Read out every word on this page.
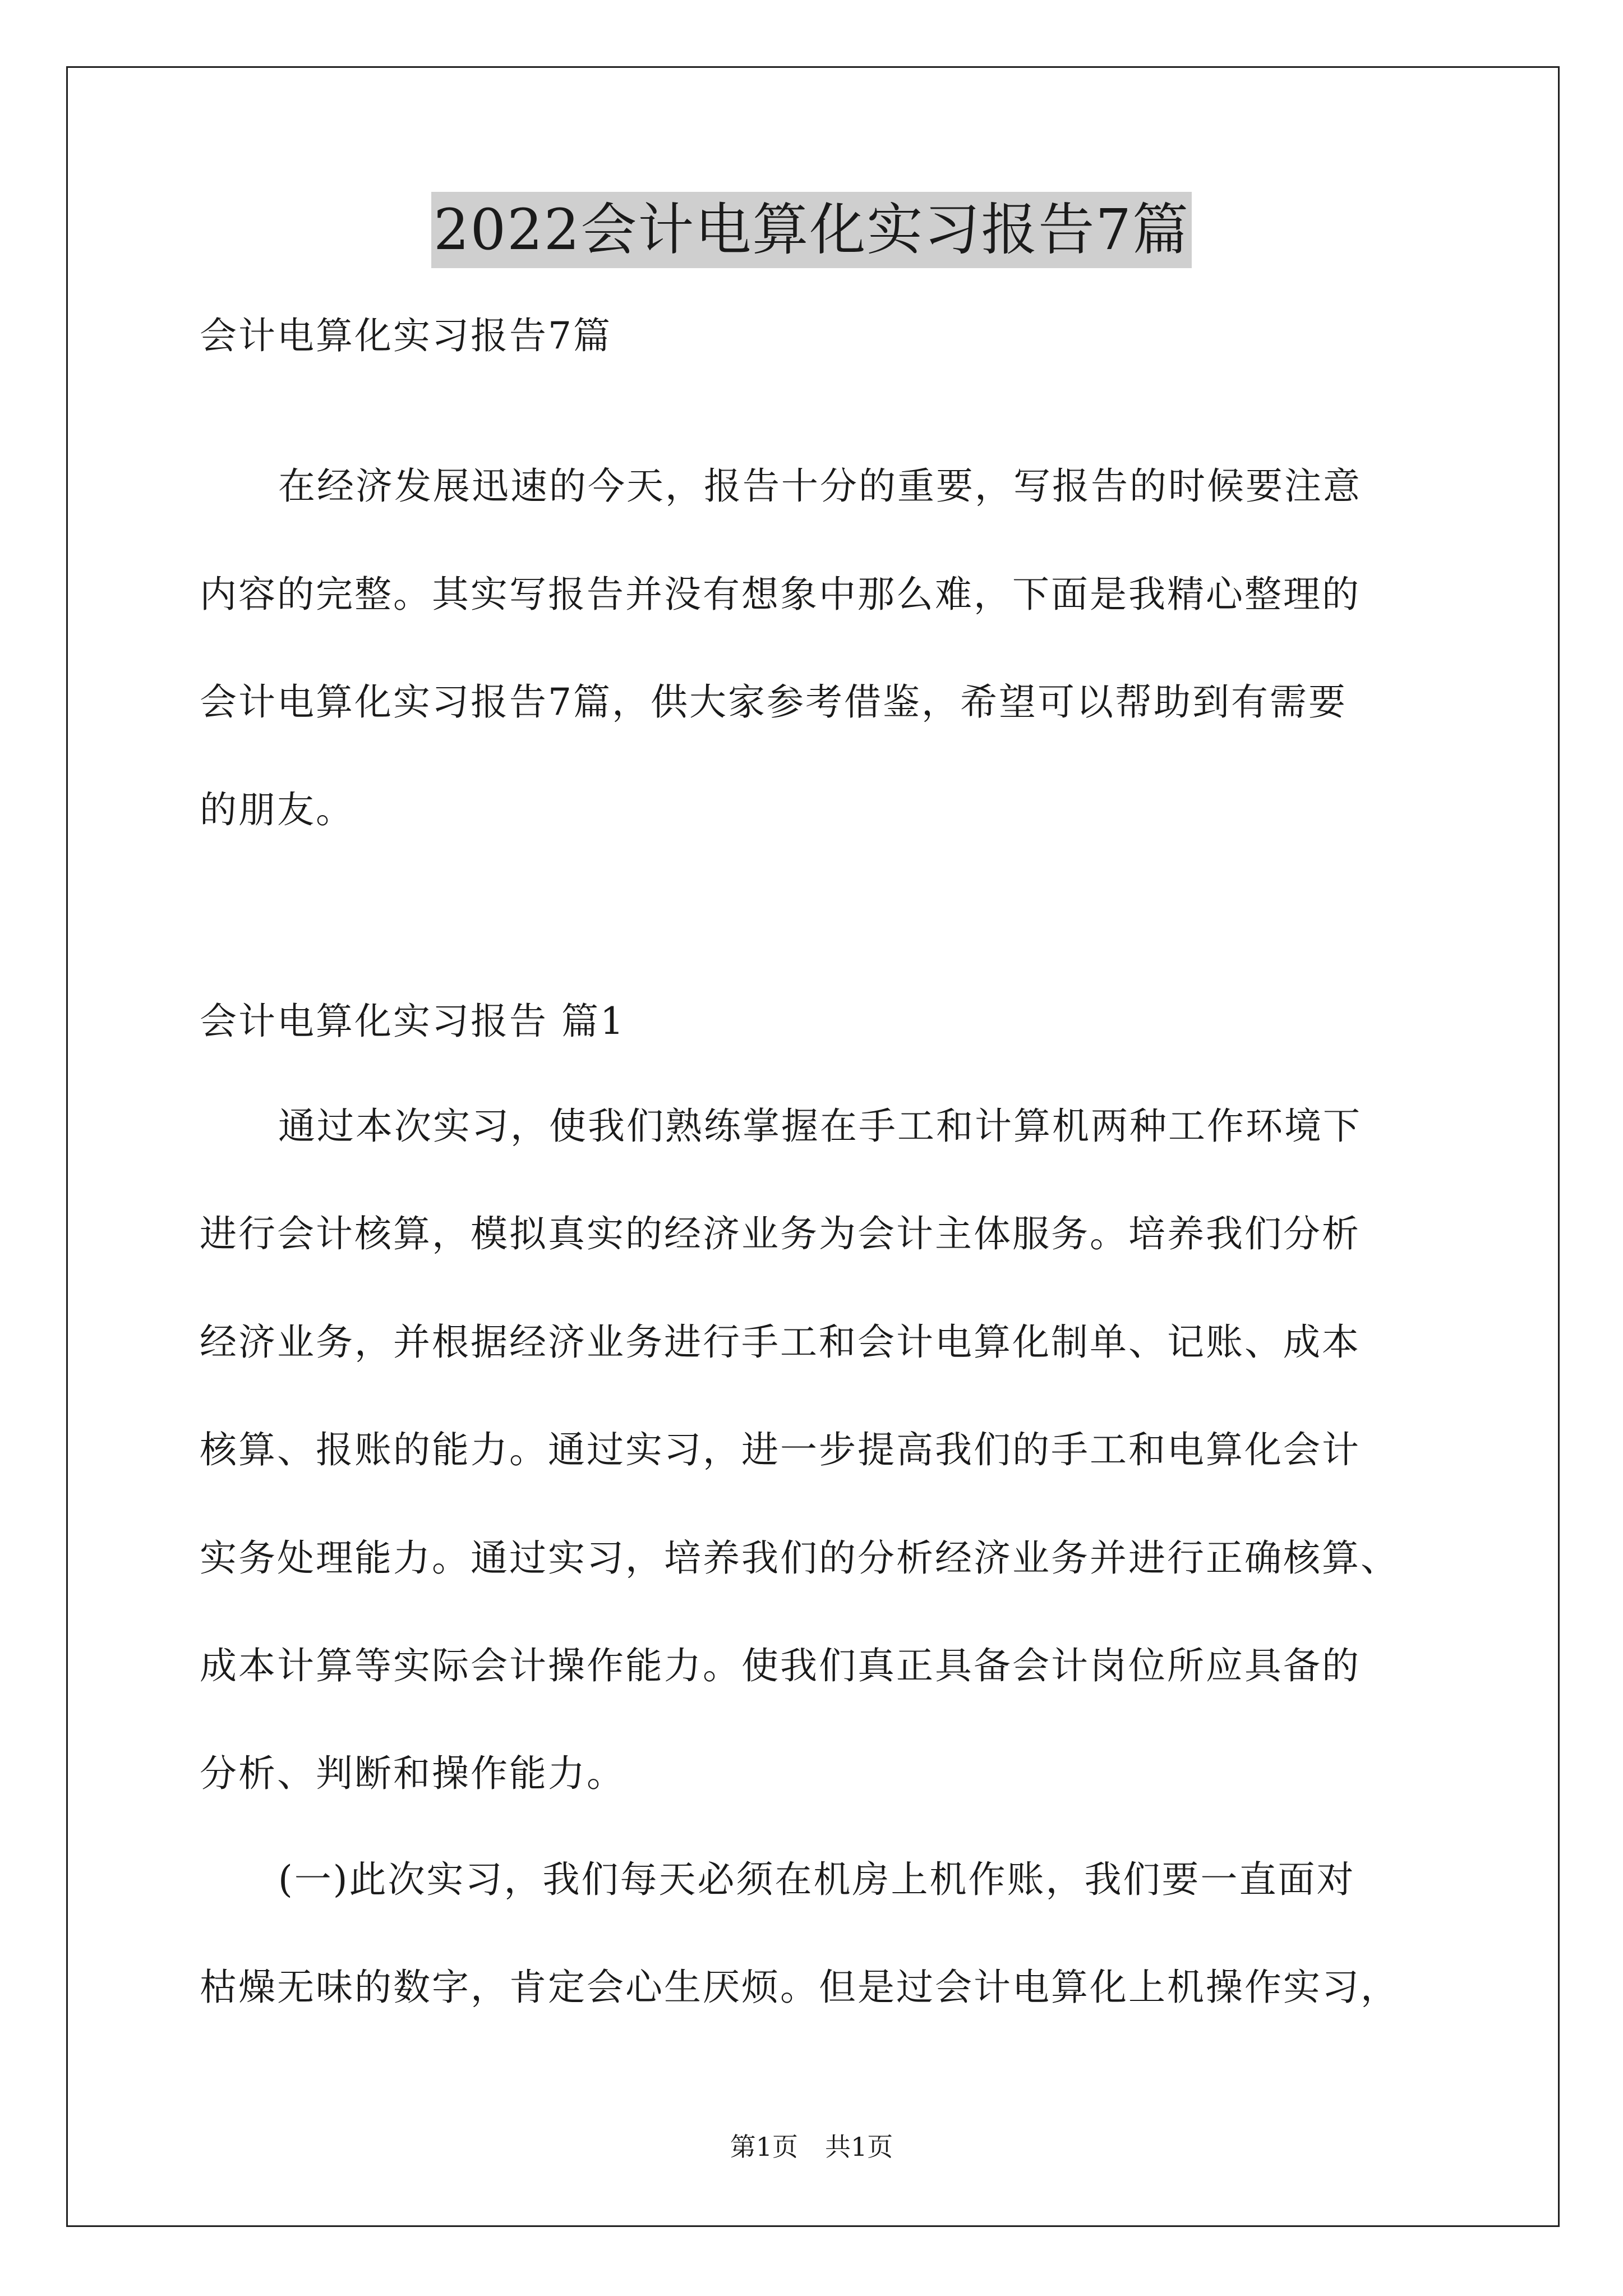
2022会计电算化实习报告7篇
会计电算化实习报告7篇
在经济发展迅速的今天，报告十分的重要，写报告的时候要注意
内容的完整。其实写报告并没有想象中那么难，下面是我精心整理的
会计电算化实习报告7篇，供大家参考借鉴，希望可以帮助到有需要
的朋友。
会计电算化实习报告 篇1
通过本次实习，使我们熟练掌握在手工和计算机两种工作环境下
进行会计核算，模拟真实的经济业务为会计主体服务。培养我们分析
经济业务，并根据经济业务进行手工和会计电算化制单、记账、成本
核算、报账的能力。通过实习，进一步提高我们的手工和电算化会计
实务处理能力。通过实习，培养我们的分析经济业务并进行正确核算、
成本计算等实际会计操作能力。使我们真正具备会计岗位所应具备的
分析、判断和操作能力。
(一)此次实习，我们每天必须在机房上机作账，我们要一直面对
枯燥无味的数字，肯定会心生厌烦。但是过会计电算化上机操作实习，
第1页 共1页
